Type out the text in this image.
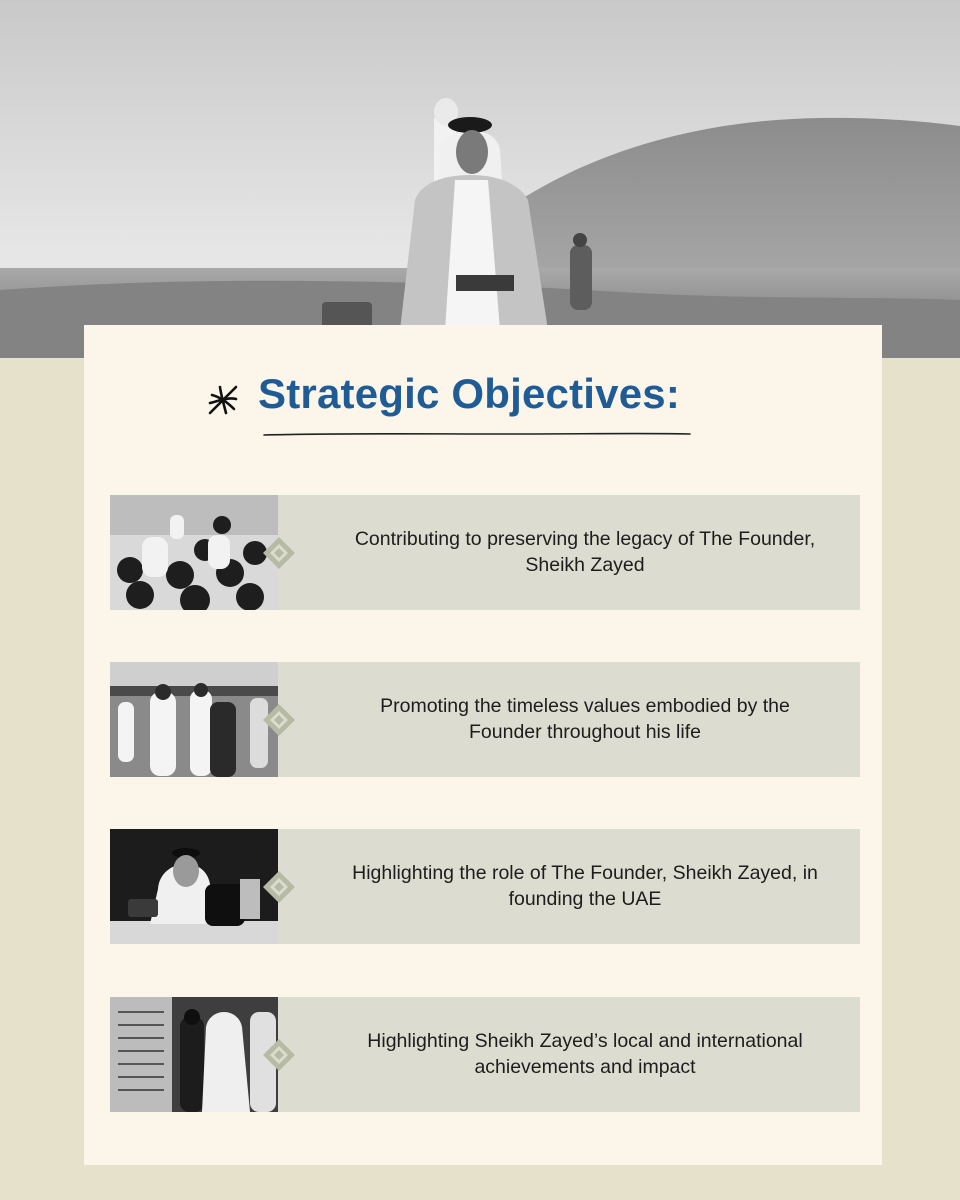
Strategic Objectives:
Contributing to preserving the legacy of The Founder, Sheikh Zayed
Promoting the timeless values embodied by the Founder throughout his life
Highlighting the role of The Founder, Sheikh Zayed, in founding the UAE
Highlighting Sheikh Zayed’s local and international achievements and impact
